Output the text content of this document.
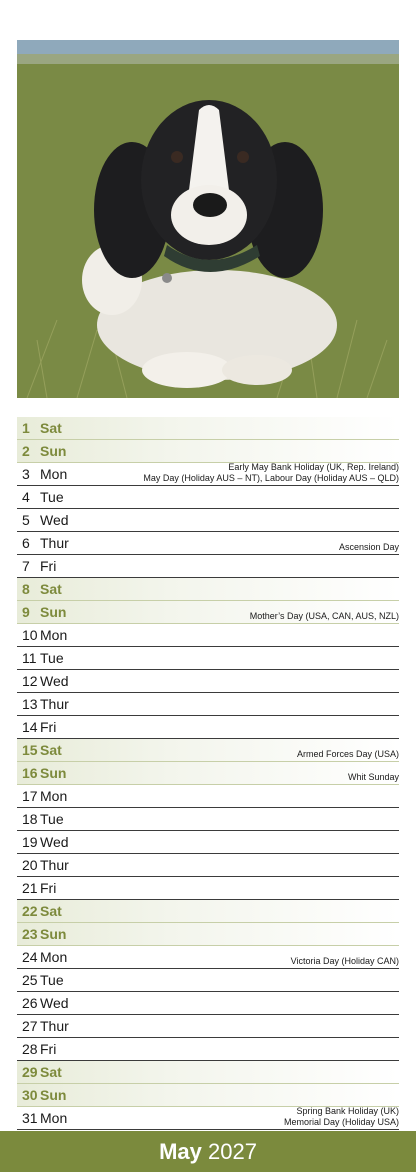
1 Sat
2 Sun
3 Mon	Early May Bank Holiday (UK, Rep. Ireland)
May Day (Holiday AUS – NT), Labour Day (Holiday AUS – QLD)
4 Tue
5 Wed
6 Thur	Ascension Day
7 Fri
8 Sat
9 Sun	Mother’s Day (USA, CAN, AUS, NZL)
10 Mon
11 Tue
12 Wed
13 Thur
14 Fri
15 Sat	Armed Forces Day (USA)
16 Sun	Whit Sunday
17 Mon
18 Tue
19 Wed
20 Thur
21 Fri
22 Sat
23 Sun
24 Mon	Victoria Day (Holiday CAN)
25 Tue
26 Wed
27 Thur
28 Fri
29 Sat
30 Sun
31 Mon	Spring Bank Holiday (UK)
Memorial Day (Holiday USA)
May 2027
